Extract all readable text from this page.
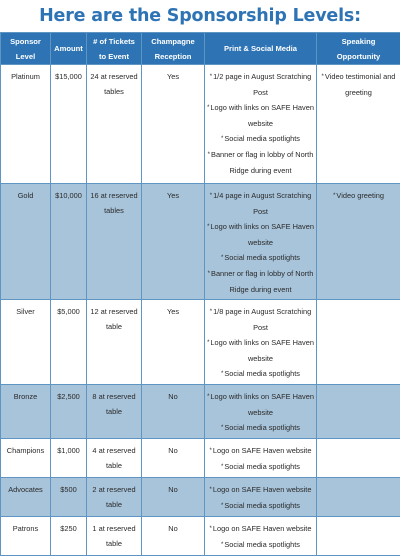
Here are the Sponsorship Levels:
Sponsor Level	Amount	# of Tickets to Event	Champagne Reception	Print & Social Media	Speaking Opportunity
Platinum	$15,000	24 at reserved tables	Yes	*1/2 page in August Scratching Post
*Logo with links on SAFE Haven website
*Social media spotlights
*Banner or flag in lobby of North Ridge during event	*Video testimonial and greeting

Gold	$10,000	16 at reserved tables	Yes	*1/4 page in August Scratching Post
*Logo with links on SAFE Haven website
*Social media spotlights
*Banner or flag in lobby of North Ridge during event	*Video greeting

Silver	$5,000	12 at reserved table	Yes	*1/8 page in August Scratching Post
*Logo with links on SAFE Haven website
*Social media spotlights	

Bronze	$2,500	8 at reserved table	No	*Logo with links on SAFE Haven website
*Social media spotlights	

Champions	$1,000	4 at reserved table	No	*Logo on SAFE Haven website
*Social media spotlights	

Advocates	$500	2 at reserved table	No	*Logo on SAFE Haven website
*Social media spotlights	

Patrons	$250	1 at reserved table	No	*Logo on SAFE Haven website
*Social media spotlights	
